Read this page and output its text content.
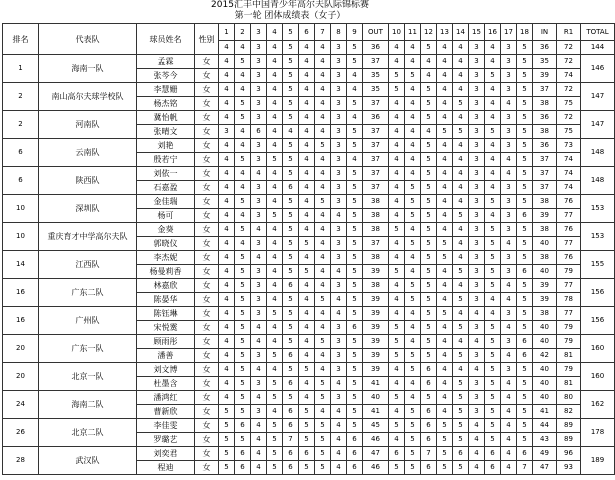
2015汇丰中国青少年高尔夫队际锦标赛
第一轮 团体成绩表（女子）
排名	代表队	球员姓名	性别	1	2	3	4	5	6	7	8	9	OUT	10	11	12	13	14	15	16	17	18	IN	R1	TOTAL
				4	4	3	4	5	4	4	3	5	36	4	4	5	4	4	3	4	3	5	36	72	144
1	海南一队	孟霖	女	4	5	3	4	5	4	4	3	5	37	4	4	4	4	4	3	4	3	5	35	72	146
		张芩今	女	4	4	3	4	5	4	4	3	4	35	5	5	4	4	4	3	5	3	5	39	74	
2	南山高尔夫球学校队	李慧姗	女	4	4	3	4	5	4	4	3	4	35	5	4	5	4	4	3	4	3	5	37	72	147
		杨杰铭	女	4	5	3	4	5	4	4	3	5	37	4	4	5	4	5	3	4	4	5	38	75	
2	河南队	冀怡帆	女	4	5	3	4	5	4	4	3	4	36	4	4	5	4	4	3	4	3	5	36	72	147
		张晴文	女	3	4	6	4	4	4	4	3	5	37	4	4	4	5	5	3	5	3	5	38	75	
6	云南队	刘艳	女	4	4	3	4	5	4	5	3	5	37	4	4	5	4	4	3	4	3	5	36	73	148
		殷若宁	女	4	5	3	5	5	4	4	3	4	37	4	4	5	4	4	3	4	4	5	37	74	
6	陕西队	刘依一	女	4	4	4	4	5	4	4	3	5	37	4	4	5	4	4	3	4	4	5	37	74	148
		石嘉盈	女	4	4	3	4	6	4	4	3	5	37	4	5	5	4	4	3	4	3	5	37	74	
10	深圳队	金佳瑞	女	4	5	3	4	5	4	5	3	5	38	4	5	5	4	4	3	5	3	5	38	76	153
		杨可	女	4	4	3	5	5	4	4	4	5	38	4	5	5	4	5	3	4	3	6	39	77	
10	重庆育才中学高尔夫队	金葵	女	4	5	4	4	5	4	4	3	5	38	5	4	5	4	4	3	5	3	5	38	76	153
		郭晓仪	女	4	4	3	4	5	5	4	3	5	37	4	5	5	5	4	3	5	4	5	40	77	
14	江西队	李杰妮	女	4	5	4	4	5	4	4	3	5	38	4	4	5	5	4	3	5	3	5	38	76	155
		杨曼莉香	女	4	5	3	4	5	5	4	4	5	39	5	4	5	4	5	3	5	3	6	40	79	
16	广东二队	林嘉欣	女	4	5	3	4	6	4	4	3	5	38	4	5	5	4	4	3	5	4	5	39	77	156
		陈晏华	女	4	5	3	4	5	4	5	4	5	39	4	5	5	4	5	3	4	4	5	39	78	
16	广州队	陈钰琳	女	4	5	3	5	5	4	4	4	5	39	4	4	5	5	4	4	4	3	5	38	77	156
		宋悦霙	女	4	5	4	4	5	4	4	3	6	39	5	4	5	4	5	3	5	4	5	40	79	
20	广东一队	顾雨彤	女	4	5	4	4	5	4	5	3	5	39	5	4	5	4	4	4	5	3	6	40	79	160
		潘善	女	4	5	3	5	6	4	4	3	5	39	5	5	5	4	5	3	5	4	6	42	81	
20	北京一队	刘文博	女	4	5	4	4	5	5	4	3	5	39	4	5	6	4	4	4	5	3	5	40	79	160
		杜墨含	女	4	5	3	5	6	4	5	4	5	41	4	4	6	4	5	3	5	4	5	40	81	
24	海南二队	潘鸿红	女	4	5	4	5	5	4	5	3	5	40	5	4	5	4	5	3	5	4	5	40	80	162
		曹新欣	女	5	5	3	4	6	5	4	4	5	41	4	5	6	4	5	3	5	4	5	41	82	
26	北京二队	李佳雯	女	5	6	4	5	6	5	5	4	5	45	5	5	6	5	5	4	5	4	5	44	89	178
		罗璐艺	女	5	5	4	5	7	5	5	4	6	46	4	5	6	5	5	4	5	4	5	43	89	
28	武汉队	刘奕君	女	5	6	4	5	6	6	5	4	6	47	6	5	7	5	6	4	6	4	6	49	96	189
		程迪	女	5	6	4	5	6	5	5	4	6	46	5	5	6	5	5	4	6	4	7	47	93	
